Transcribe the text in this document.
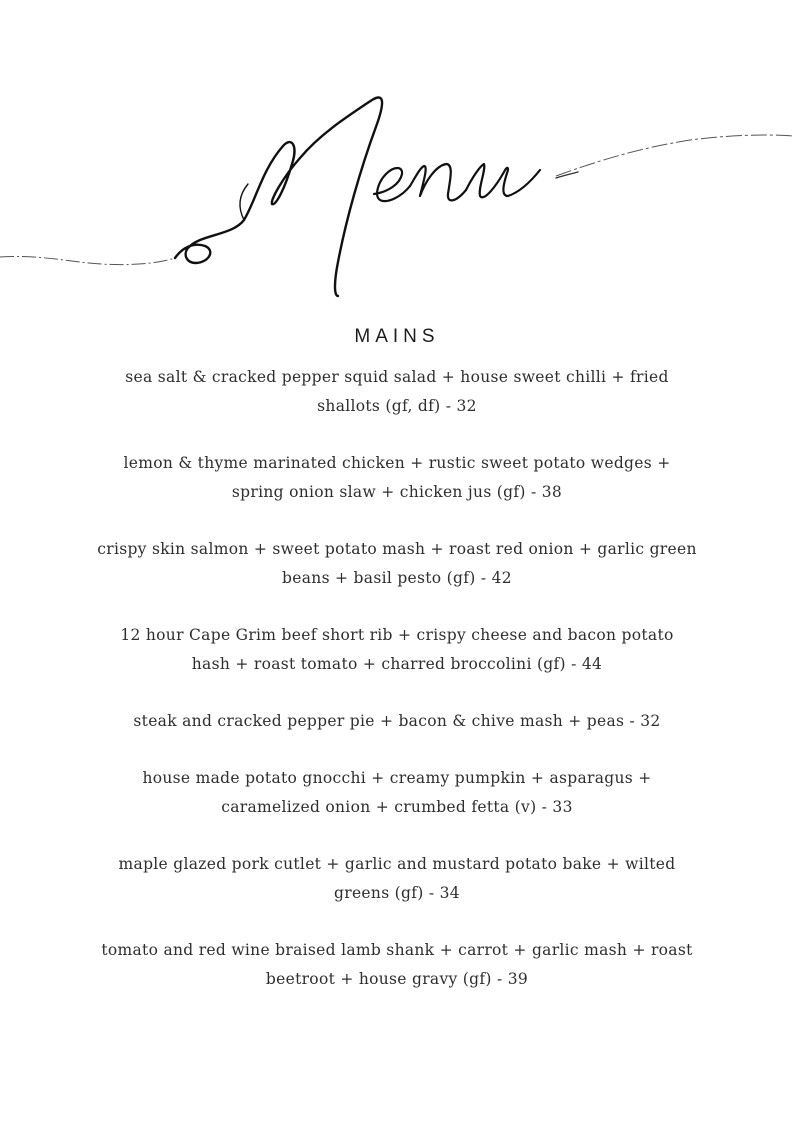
MAINS
sea salt & cracked pepper squid salad + house sweet chilli + fried
shallots (gf, df) - 32
lemon & thyme marinated chicken + rustic sweet potato wedges +
spring onion slaw + chicken jus (gf) - 38
crispy skin salmon + sweet potato mash + roast red onion + garlic green
beans + basil pesto (gf) - 42
12 hour Cape Grim beef short rib + crispy cheese and bacon potato
hash + roast tomato + charred broccolini (gf) - 44
steak and cracked pepper pie + bacon & chive mash + peas - 32
house made potato gnocchi + creamy pumpkin + asparagus +
caramelized onion + crumbed fetta (v) - 33
maple glazed pork cutlet + garlic and mustard potato bake + wilted
greens (gf) - 34
tomato and red wine braised lamb shank + carrot + garlic mash + roast
beetroot + house gravy (gf) - 39
